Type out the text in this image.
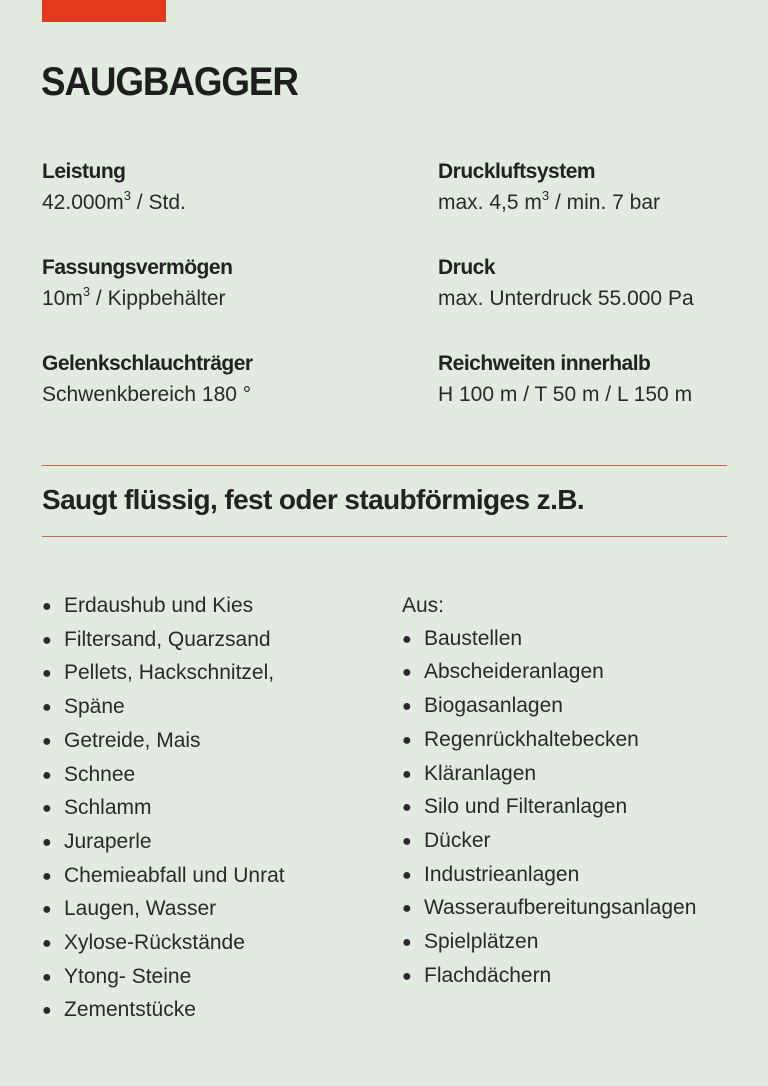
SAUGBAGGER
Leistung
$42.000m^3$ / Std.
Druckluftsystem
max. 4,5 $m^3$ / min. 7 bar
Fassungsvermögen
$10m^3$ / Kippbehälter
Druck
max. Unterdruck 55.000 Pa
Gelenkschlauchträger
Schwenkbereich 180 °
Reichweiten innerhalb
H 100 m / T 50 m / L 150 m
Saugt flüssig, fest oder staubförmiges z.B.
● Erdaushub und Kies
● Filtersand, Quarzsand
● Pellets, Hackschnitzel,
● Späne
● Getreide, Mais
● Schnee
● Schlamm
● Juraperle
● Chemieabfall und Unrat
● Laugen, Wasser
● Xylose-Rückstände
● Ytong- Steine
● Zementstücke
Aus:
● Baustellen
● Abscheideranlagen
● Biogasanlagen
● Regenrückhaltebecken
● Kläranlagen
● Silo und Filteranlagen
● Dücker
● Industrieanlagen
● Wasseraufbereitungsanlagen
● Spielplätzen
● Flachdächern
